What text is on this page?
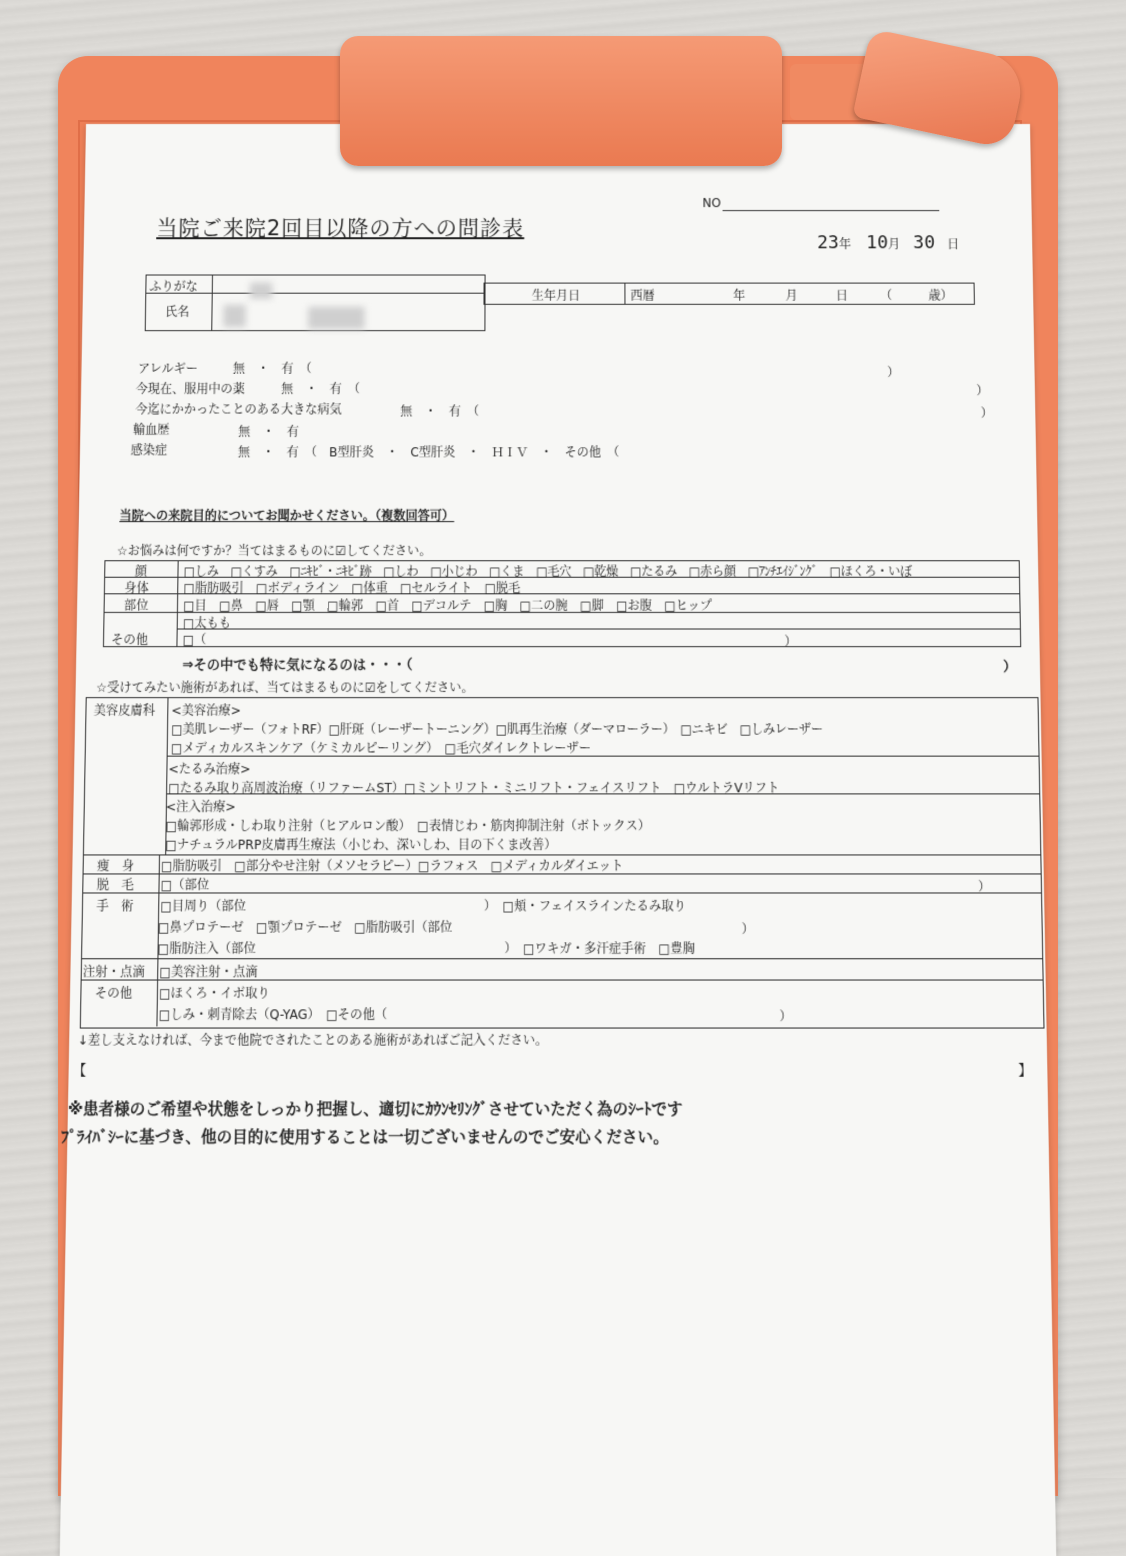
NO
当院ご来院2回目以降の方への問診表
23年 10月 30 日
ふりがな
氏名
生年月日	西暦	年	月	日	（　　　歳）
アレルギー	無　・　有　（	）
今現在、服用中の薬	無　・　有　（	）
今迄にかかったことのある大きな病気	無　・　有　（	）
輸血歴	無　・　有
感染症	無　・　有　（　B型肝炎　・　C型肝炎　・　ＨＩＶ　・　その他　（
当院への来院目的についてお聞かせください。（複数回答可）
☆お悩みは何ですか？当てはまるものに☑してください。
顔	□しみ　□くすみ　□ﾆｷﾋﾞ・ﾆｷﾋﾞ跡　□しわ　□小じわ　□くま　□毛穴　□乾燥　□たるみ　□赤ら顔　□ｱﾝﾁｴｲｼﾞﾝｸﾞ　□ほくろ・いぼ
身体	□脂肪吸引　□ボディライン　□体重　□セルライト　□脱毛
部位	□目　□鼻　□唇　□顎　□輪郭　□首　□デコルテ　□胸　□二の腕　□脚　□お腹　□ヒップ
□太もも
その他	□（	）
⇒その中でも特に気になるのは・・・（	）
☆受けてみたい施術があれば、当てはまるものに☑をしてください。
美容皮膚科 <美容治療>
□美肌レーザー（フォトRF）□肝斑（レーザートーニング）□肌再生治療（ダーマローラー）　□ニキビ　□しみレーザー
□メディカルスキンケア（ケミカルピーリング）　□毛穴ダイレクトレーザー
<たるみ治療>
□たるみ取り高周波治療（リファームST）□ミントリフト・ミニリフト・フェイスリフト　□ウルトラVリフト
<注入治療>
□輪郭形成・しわ取り注射（ヒアルロン酸）　□表情じわ・筋肉抑制注射（ボトックス）
□ナチュラルPRP皮膚再生療法（小じわ、深いしわ、目の下くま改善）
痩　身 □脂肪吸引　□部分やせ注射（メソセラピー）□ラフォス　□メディカルダイエット
脱　毛 □（部位	）
手　術 □目周り（部位	）　□頬・フェイスラインたるみ取り
□鼻プロテーゼ　□顎プロテーゼ　□脂肪吸引（部位	）
□脂肪注入（部位	）　□ワキガ・多汗症手術　□豊胸
注射・点滴 □美容注射・点滴
その他 □ほくろ・イボ取り
□しみ・刺青除去（Q-YAG）　□その他（	）
↓差し支えなければ、今まで他院でされたことのある施術があればご記入ください。
【	】
※患者様のご希望や状態をしっかり把握し、適切にｶｳﾝｾﾘﾝｸﾞさせていただく為のｼｰﾄです
ﾌﾟﾗｲﾊﾞｼｰに基づき、他の目的に使用することは一切ございませんのでご安心ください。
